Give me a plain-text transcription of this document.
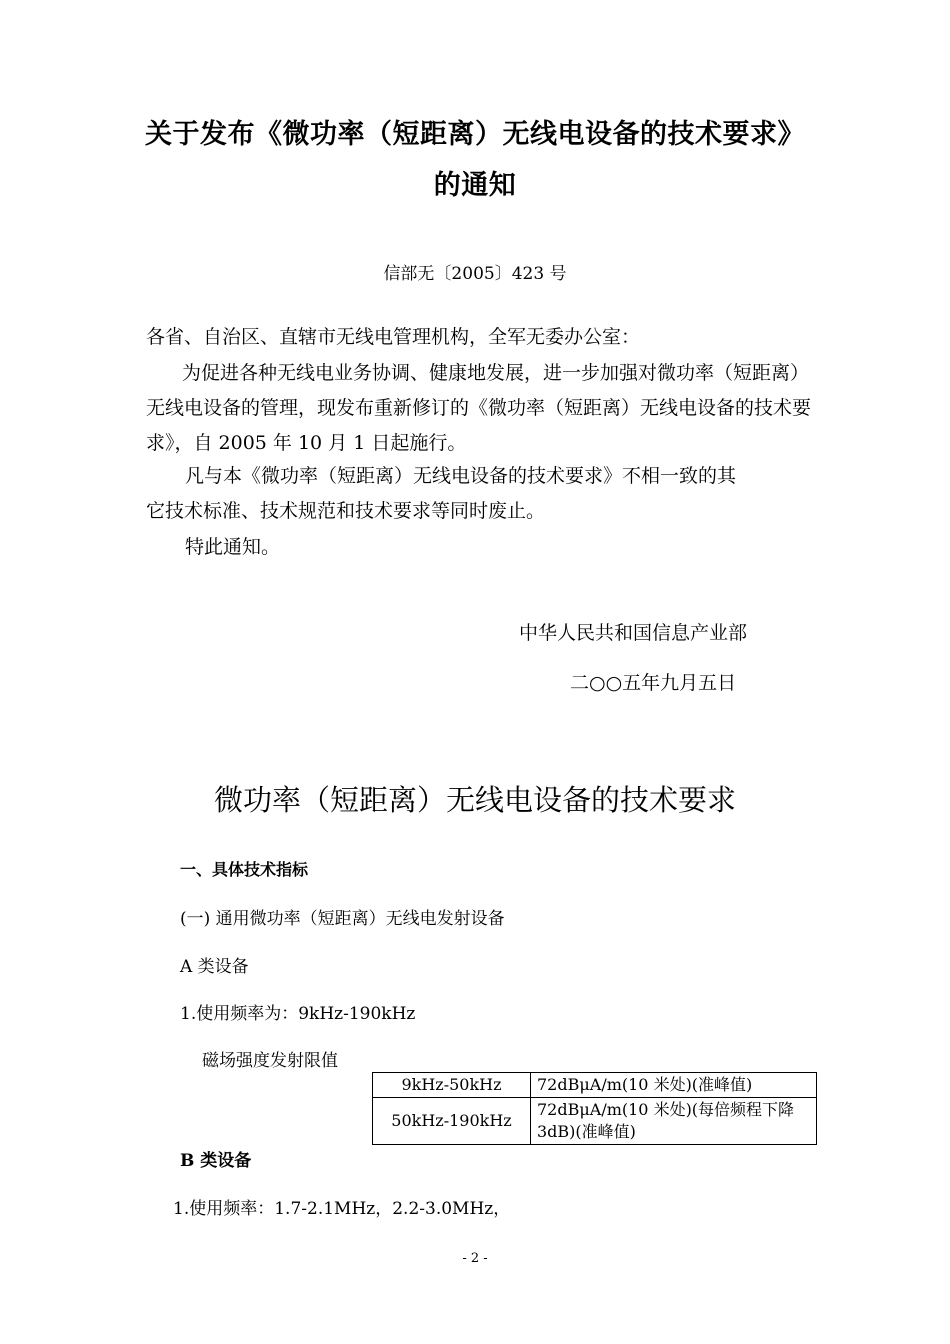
关于发布《微功率（短距离）无线电设备的技术要求》
的通知
信部无〔2005〕423 号
各省、自治区、直辖市无线电管理机构，全军无委办公室：
为促进各种无线电业务协调、健康地发展，进一步加强对微功率（短距离）
无线电设备的管理，现发布重新修订的《微功率（短距离）无线电设备的技术要
求》，自 2005 年 10 月 1 日起施行。
凡与本《微功率（短距离）无线电设备的技术要求》不相一致的其
它技术标准、技术规范和技术要求等同时废止。
特此通知。
中华人民共和国信息产业部
二○○五年九月五日
微功率（短距离）无线电设备的技术要求
一、具体技术指标
(一) 通用微功率（短距离）无线电发射设备
A 类设备
1.使用频率为：9kHz-190kHz
磁场强度发射限值
9kHz-50kHz	72dBμA/m(10 米处)(准峰值)
50kHz-190kHz	72dBμA/m(10 米处)(每倍频程下降 3dB)(准峰值)
B 类设备
1.使用频率：1.7-2.1MHz，2.2-3.0MHz，
- 2 -
